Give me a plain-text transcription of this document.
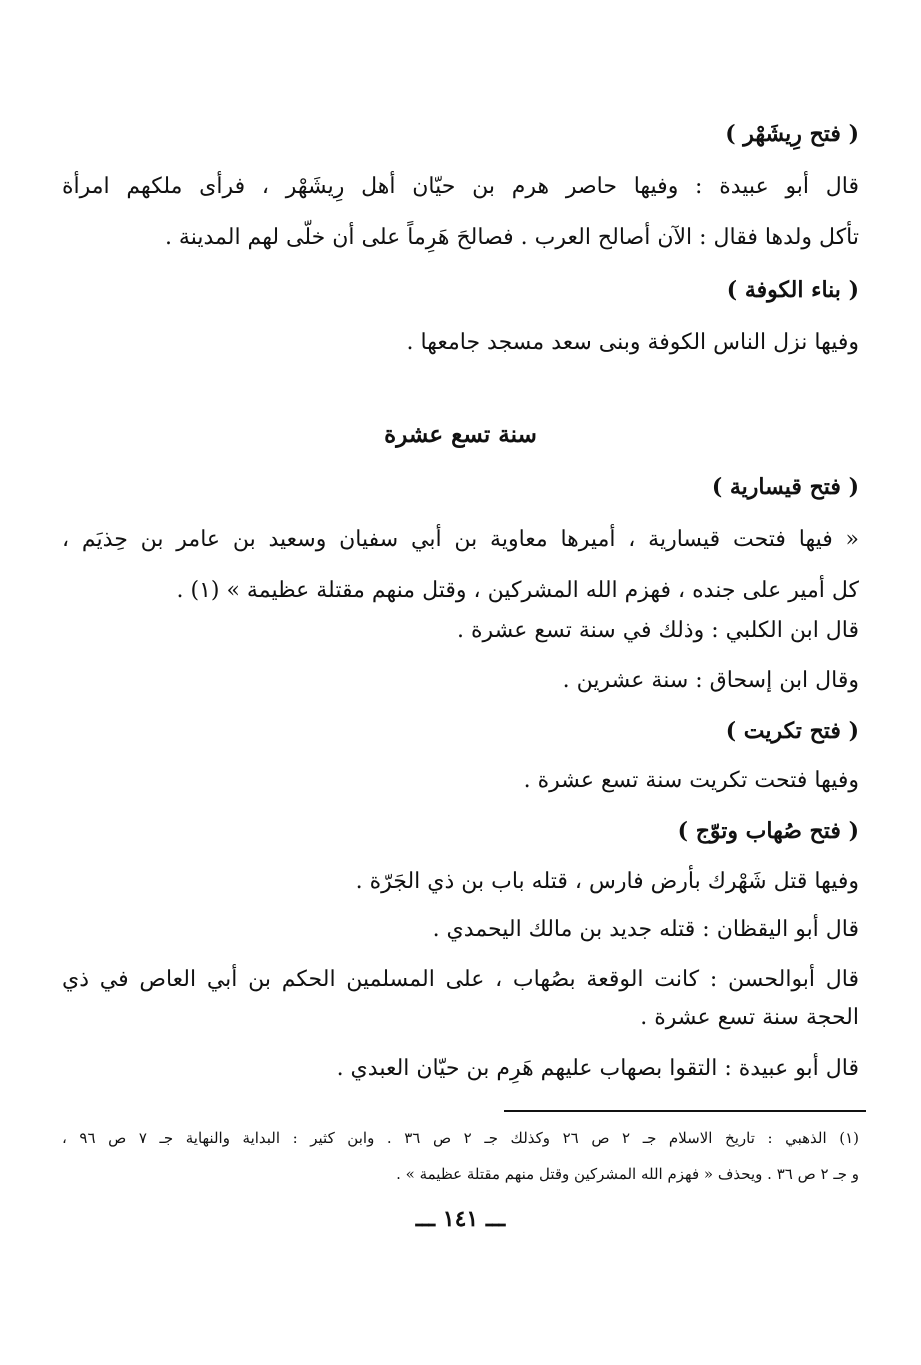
( فتح رِيشَهْر )
قال أبو عبيدة : وفيها حاصر هرم بن حيّان أهل رِيشَهْر ، فرأى ملكهم امرأة
تأكل ولدها فقال : الآن أصالح العرب . فصالحَ هَرِماً على أن خلّى لهم المدينة .
( بناء الكوفة )
وفيها نزل الناس الكوفة وبنى سعد مسجد جامعها .
سنة تسع عشرة
( فتح قيسارية )
« فيها فتحت قيسارية ، أميرها معاوية بن أبي سفيان وسعيد بن عامر بن حِذيَم ،
كل أمير على جنده ، فهزم الله المشركين ، وقتل منهم مقتلة عظيمة » (١) .
قال ابن الكلبي : وذلك في سنة تسع عشرة .
وقال ابن إسحاق : سنة عشرين .
( فتح تكريت )
وفيها فتحت تكريت سنة تسع عشرة .
( فتح صُهاب وتوّج )
وفيها قتل شَهْرك بأرض فارس ، قتله باب بن ذي الجَرّة .
قال أبو اليقظان : قتله جديد بن مالك اليحمدي .
قال أبوالحسن : كانت الوقعة بصُهاب ، على المسلمين الحكم بن أبي العاص في ذي
الحجة سنة تسع عشرة .
قال أبو عبيدة : التقوا بصهاب عليهم هَرِم بن حيّان العبدي .
(١) الذهبي : تاريخ الاسلام جـ ٢ ص ٢٦ وكذلك جـ ٢ ص ٣٦ . وابن كثير : البداية والنهاية جـ ٧ ص ٩٦ ،
و جـ ٢ ص ٣٦ . ويحذف « فهزم الله المشركين وقتل منهم مقتلة عظيمة » .
ـــ ١٤١ ـــ
